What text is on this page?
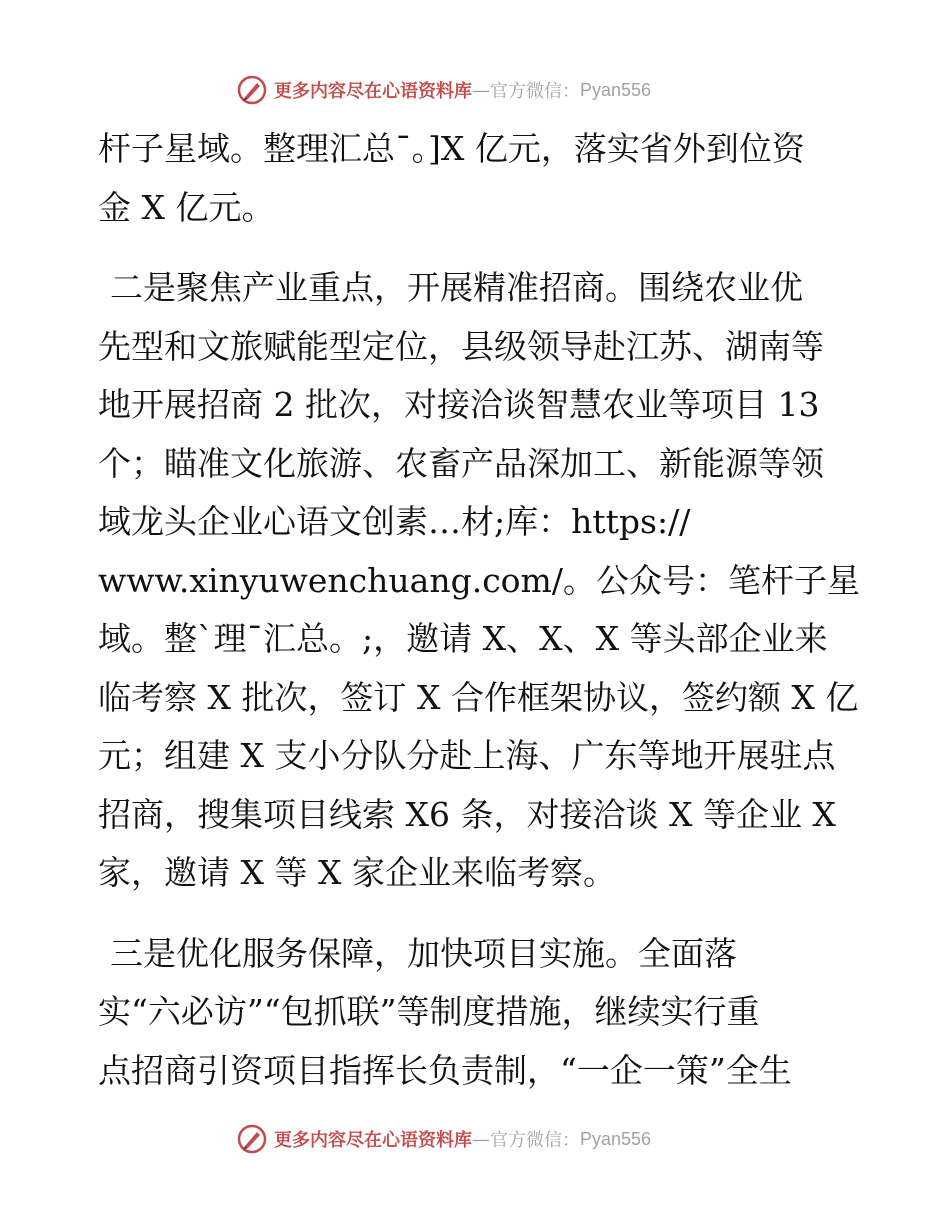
更多内容尽在心语资料库 — 官方微信： Pyan556
杆子星域。整理汇总¯。]X 亿元，落实省外到位资
金 X 亿元。
二是聚焦产业重点，开展精准招商。围绕农业优
先型和文旅赋能型定位，县级领导赴江苏、湖南等
地开展招商 2 批次，对接洽谈智慧农业等项目 13
个；瞄准文化旅游、农畜产品深加工、新能源等领
域龙头企业心语文创素…材;库：https://
www.xinyuwenchuang.com/。公众号：笔杆子星
域。整`理¯汇总。;，邀请 X、X、X 等头部企业来
临考察 X 批次，签订 X 合作框架协议，签约额 X 亿
元；组建 X 支小分队分赴上海、广东等地开展驻点
招商，搜集项目线索 X6 条，对接洽谈 X 等企业 X
家，邀请 X 等 X 家企业来临考察。
三是优化服务保障，加快项目实施。全面落
实“六必访”“包抓联”等制度措施，继续实行重
点招商引资项目指挥长负责制，“一企一策”全生
更多内容尽在心语资料库 — 官方微信： Pyan556
